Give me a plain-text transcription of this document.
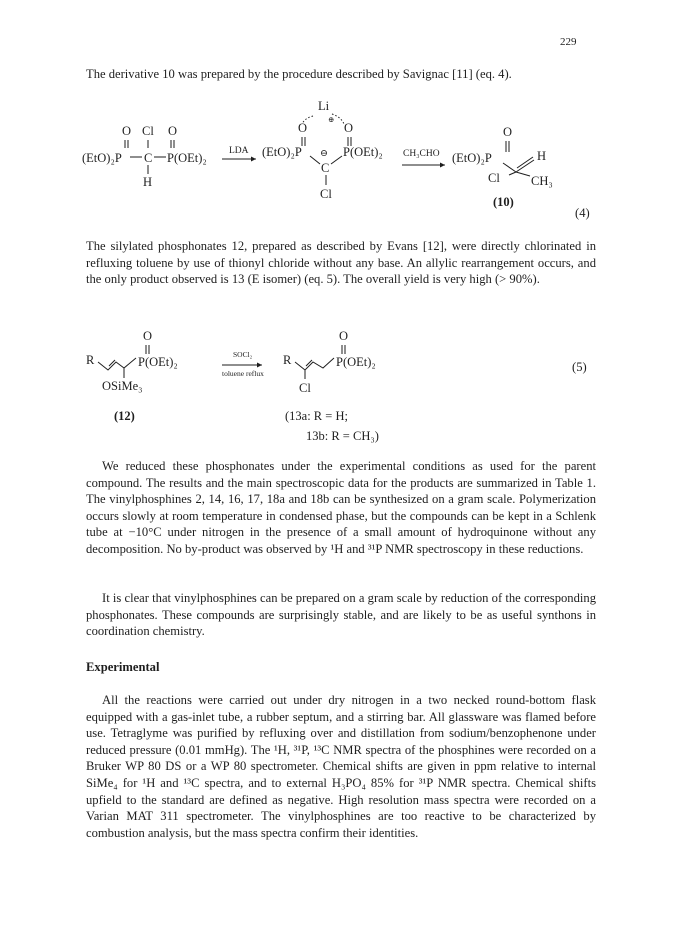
229

The derivative 10 was prepared by the procedure described by Savignac [11] (eq. 4).

O Cl O
(EtO)₂P C P(OEt)₂
H
LDA
Li
⊕
O	O
(EtO)₂P ⊖ P(OEt)₂
C
Cl
CH₃CHO
O
(EtO)₂P	H
Cl CH₃
(10)
(4)

The silylated phosphonates 12, prepared as described by Evans [12], were directly chlorinated in refluxing toluene by use of thionyl chloride without any base. An allylic rearrangement occurs, and the only product observed is 13 (E isomer) (eq. 5). The overall yield is very high (> 90%).

O
R	P(OEt)₂
OSiMe₃
(12)
SOCl₂
toluene reflux
O
R	P(OEt)₂
Cl
(13a: R = H;
13b: R = CH₃)
(5)

We reduced these phosphonates under the experimental conditions as used for the parent compound. The results and the main spectroscopic data for the products are summarized in Table 1. The vinylphosphines 2, 14, 16, 17, 18a and 18b can be synthesized on a gram scale. Polymerization occurs slowly at room temperature in condensed phase, but the compounds can be kept in a Schlenk tube at −10°C under nitrogen in the presence of a small amount of hydroquinone without any decomposition. No by-product was observed by ¹H and ³¹P NMR spectroscopy in these reductions.

It is clear that vinylphosphines can be prepared on a gram scale by reduction of the corresponding phosphonates. These compounds are surprisingly stable, and are likely to be as useful synthons in coordination chemistry.

Experimental

All the reactions were carried out under dry nitrogen in a two necked round-bottom flask equipped with a gas-inlet tube, a rubber septum, and a stirring bar. All glassware was flamed before use. Tetraglyme was purified by refluxing over and distillation from sodium/benzophenone under reduced pressure (0.01 mmHg). The ¹H, ³¹P, ¹³C NMR spectra of the phosphines were recorded on a Bruker WP 80 DS or a WP 80 spectrometer. Chemical shifts are given in ppm relative to internal SiMe₄ for ¹H and ¹³C spectra, and to external H₃PO₄ 85% for ³¹P NMR spectra. Chemical shifts upfield to the standard are defined as negative. High resolution mass spectra were recorded on a Varian MAT 311 spectrometer. The vinylphosphines are too reactive to be characterized by combustion analysis, but the mass spectra confirm their identities.
